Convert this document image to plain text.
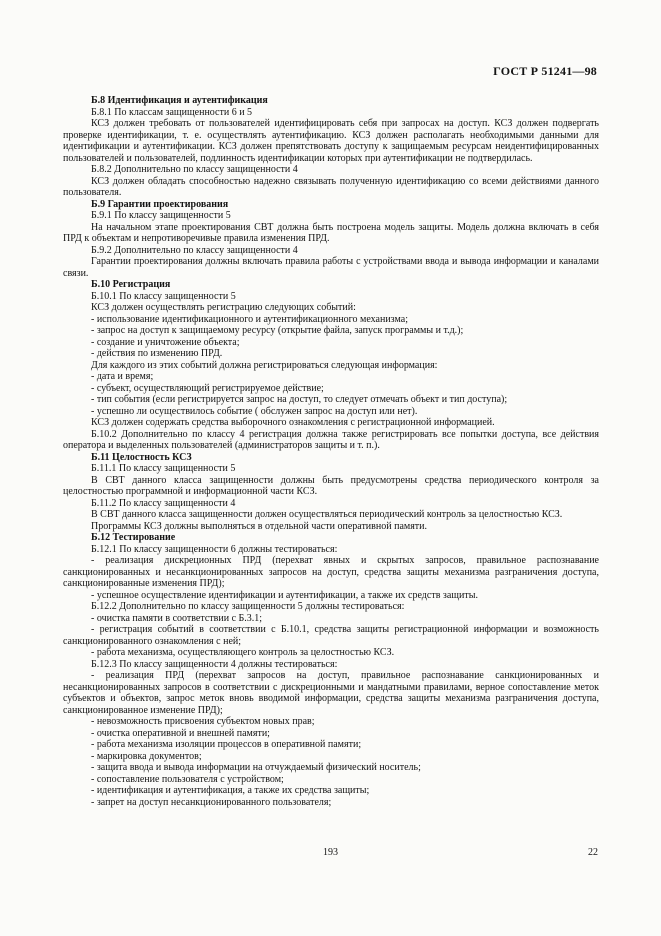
ГОСТ Р 51241—98

Б.8 Идентификация и аутентификация

Б.8.1 По классам защищенности 6 и 5

КСЗ должен требовать от пользователей идентифицировать себя при запросах на доступ. КСЗ должен подвергать проверке идентификации, т. е. осуществлять аутентификацию. КСЗ должен располагать необходимыми данными для идентификации и аутентификации. КСЗ должен препятствовать доступу к защищаемым ресурсам неидентифицированных пользователей и пользователей, подлинность идентификации которых при аутентификации не подтвердилась.

Б.8.2 Дополнительно по классу защищенности 4

КСЗ должен обладать способностью надежно связывать полученную идентификацию со всеми действиями данного пользователя.

Б.9 Гарантии проектирования

Б.9.1 По классу защищенности 5

На начальном этапе проектирования СВТ должна быть построена модель защиты. Модель должна включать в себя ПРД к объектам и непротиворечивые правила изменения ПРД.

Б.9.2 Дополнительно по классу защищенности 4

Гарантии проектирования должны включать правила работы с устройствами ввода и вывода информации и каналами связи.

Б.10 Регистрация

Б.10.1 По классу защищенности 5

КСЗ должен осуществлять регистрацию следующих событий:

- использование идентификационного и аутентификационного механизма;

- запрос на доступ к защищаемому ресурсу (открытие файла, запуск программы и т.д.);

- создание и уничтожение объекта;

- действия по изменению ПРД.

Для каждого из этих событий должна регистрироваться следующая информация:

- дата и время;

- субъект, осуществляющий регистрируемое действие;

- тип события (если регистрируется запрос на доступ, то следует отмечать объект и тип доступа);

- успешно ли осуществилось событие ( обслужен запрос на доступ или нет).

КСЗ должен содержать средства выборочного ознакомления с регистрационной информацией.

Б.10.2 Дополнительно по классу 4 регистрация должна также регистрировать все попытки доступа, все действия оператора и выделенных пользователей (администраторов защиты и т. п.).

Б.11 Целостность КСЗ

Б.11.1 По классу защищенности 5

В СВТ данного класса защищенности должны быть предусмотрены средства периодического контроля за целостностью программной и информационной части КСЗ.

Б.11.2 По классу защищенности 4

В СВТ данного класса защищенности должен осуществляться периодический контроль за целостностью КСЗ.

Программы КСЗ должны выполняться в отдельной части оперативной памяти.

Б.12 Тестирование

Б.12.1 По классу защищенности 6 должны тестироваться:

- реализация дискреционных ПРД (перехват явных и скрытых запросов, правильное распознавание санкционированных и несанкционированных запросов на доступ, средства защиты механизма разграничения доступа, санкционированные изменения ПРД);

- успешное осуществление идентификации и аутентификации, а также их средств защиты.

Б.12.2 Дополнительно по классу защищенности 5 должны тестироваться:

- очистка памяти в соответствии с Б.3.1;

- регистрация событий в соответствии с Б.10.1, средства защиты регистрационной информации и возможность санкционированного ознакомления с ней;

- работа механизма, осуществляющего контроль за целостностью КСЗ.

Б.12.3 По классу защищенности 4 должны тестироваться:

- реализация ПРД (перехват запросов на доступ, правильное распознавание санкционированных и несанкционированных запросов в соответствии с дискреционными и мандатными правилами, верное сопоставление меток субъектов и объектов, запрос меток вновь вводимой информации, средства защиты механизма разграничения доступа, санкционированное изменение ПРД);

- невозможность присвоения субъектом новых прав;

- очистка оперативной и внешней памяти;

- работа механизма изоляции процессов в оперативной памяти;

- маркировка документов;

- защита ввода и вывода информации на отчуждаемый физический носитель;

- сопоставление пользователя с устройством;

- идентификация и аутентификация, а также их средства защиты;

- запрет на доступ несанкционированного пользователя;

193	22
